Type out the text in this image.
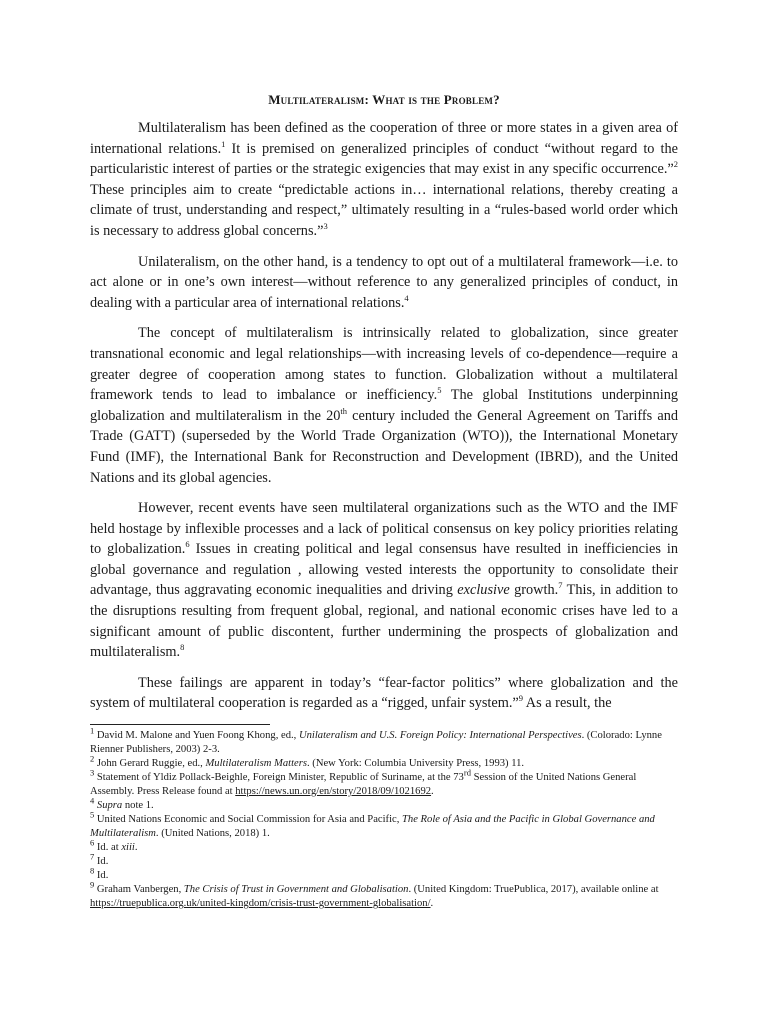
Multilateralism: What is the Problem?

Multilateralism has been defined as the cooperation of three or more states in a given area of international relations.$^1$ It is premised on generalized principles of conduct “without regard to the particularistic interest of parties or the strategic exigencies that may exist in any specific occurrence.”$^2$ These principles aim to create “predictable actions in… international relations, thereby creating a climate of trust, understanding and respect,” ultimately resulting in a “rules-based world order which is necessary to address global concerns.”$^3$

Unilateralism, on the other hand, is a tendency to opt out of a multilateral framework—i.e. to act alone or in one’s own interest—without reference to any generalized principles of conduct, in dealing with a particular area of international relations.$^4$

The concept of multilateralism is intrinsically related to globalization, since greater transnational economic and legal relationships—with increasing levels of co-dependence—require a greater degree of cooperation among states to function. Globalization without a multilateral framework tends to lead to imbalance or inefficiency.$^5$ The global Institutions underpinning globalization and multilateralism in the 20th century included the General Agreement on Tariffs and Trade (GATT) (superseded by the World Trade Organization (WTO)), the International Monetary Fund (IMF), the International Bank for Reconstruction and Development (IBRD), and the United Nations and its global agencies.

However, recent events have seen multilateral organizations such as the WTO and the IMF held hostage by inflexible processes and a lack of political consensus on key policy priorities relating to globalization.$^6$ Issues in creating political and legal consensus have resulted in inefficiencies in global governance and regulation , allowing vested interests the opportunity to consolidate their advantage, thus aggravating economic inequalities and driving exclusive growth.$^7$ This, in addition to the disruptions resulting from frequent global, regional, and national economic crises have led to a significant amount of public discontent, further undermining the prospects of globalization and multilateralism.$^8$

These failings are apparent in today’s “fear-factor politics” where globalization and the system of multilateral cooperation is regarded as a “rigged, unfair system.”$^9$ As a result, the

$^1$ David M. Malone and Yuen Foong Khong, ed., Unilateralism and U.S. Foreign Policy: International Perspectives. (Colorado: Lynne Rienner Publishers, 2003) 2-3.

$^2$ John Gerard Ruggie, ed., Multilateralism Matters. (New York: Columbia University Press, 1993) 11.

$^3$ Statement of Yldiz Pollack-Beighle, Foreign Minister, Republic of Suriname, at the 73rd Session of the United Nations General Assembly. Press Release found at https://news.un.org/en/story/2018/09/1021692.

$^4$ Supra note 1.

$^5$ United Nations Economic and Social Commission for Asia and Pacific, The Role of Asia and the Pacific in Global Governance and Multilateralism. (United Nations, 2018) 1.

$^6$ Id. at xiii.

$^7$ Id.

$^8$ Id.

$^9$ Graham Vanbergen, The Crisis of Trust in Government and Globalisation. (United Kingdom: TruePublica, 2017), available online at https://truepublica.org.uk/united-kingdom/crisis-trust-government-globalisation/.
